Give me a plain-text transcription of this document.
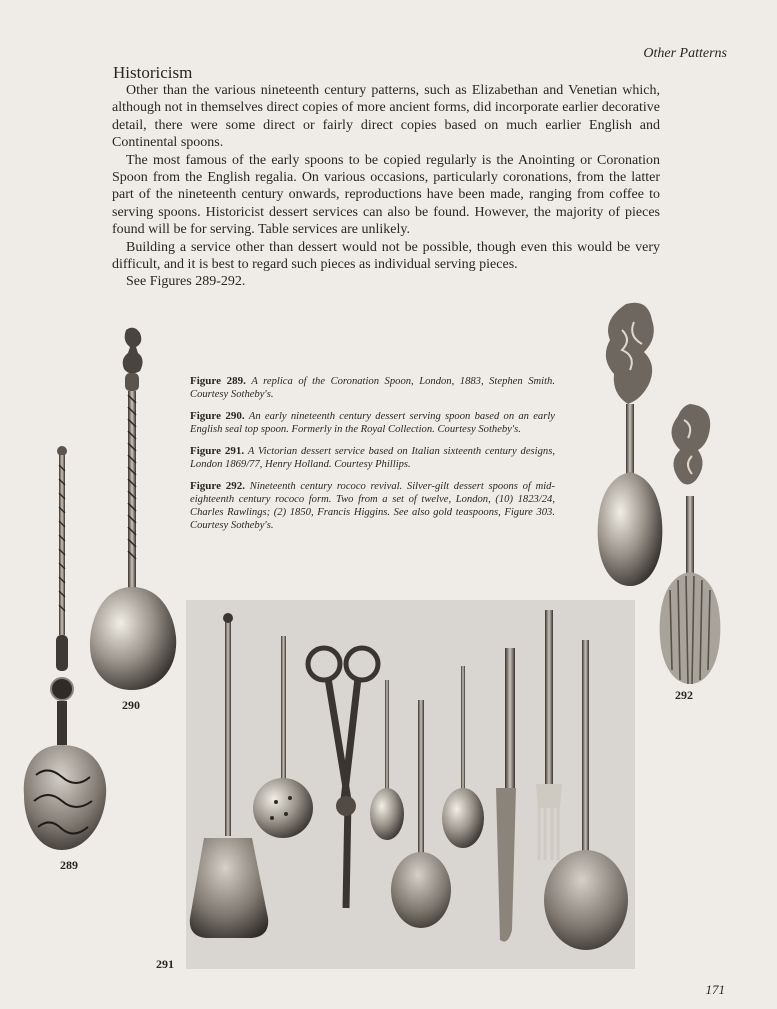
Other Patterns
Historicism

Other than the various nineteenth century patterns, such as Elizabethan and Venetian which, although not in themselves direct copies of more ancient forms, did incorporate earlier decorative detail, there were some direct or fairly direct copies based on much earlier English and Continental spoons.

The most famous of the early spoons to be copied regularly is the Anointing or Coronation Spoon from the English regalia. On various occasions, particularly coronations, from the latter part of the nineteenth century onwards, reproductions have been made, ranging from coffee to serving spoons. Historicist dessert services can also be found. However, the majority of pieces found will be for serving. Table services are unlikely.

Building a service other than dessert would not be possible, though even this would be very difficult, and it is best to regard such pieces as individual serving pieces.

See Figures 289-292.

Figure 289. A replica of the Coronation Spoon, London, 1883, Stephen Smith. Courtesy Sotheby's.

Figure 290. An early nineteenth century dessert serving spoon based on an early English seal top spoon. Formerly in the Royal Collection. Courtesy Sotheby's.

Figure 291. A Victorian dessert service based on Italian sixteenth century designs, London 1869/77, Henry Holland. Courtesy Phillips.

Figure 292. Nineteenth century rococo revival. Silver-gilt dessert spoons of mid-eighteenth century rococo form. Two from a set of twelve, London, (10) 1823/24, Charles Rawlings; (2) 1850, Francis Higgins. See also gold teaspoons, Figure 303. Courtesy Sotheby's.

290
289
292
291
171
